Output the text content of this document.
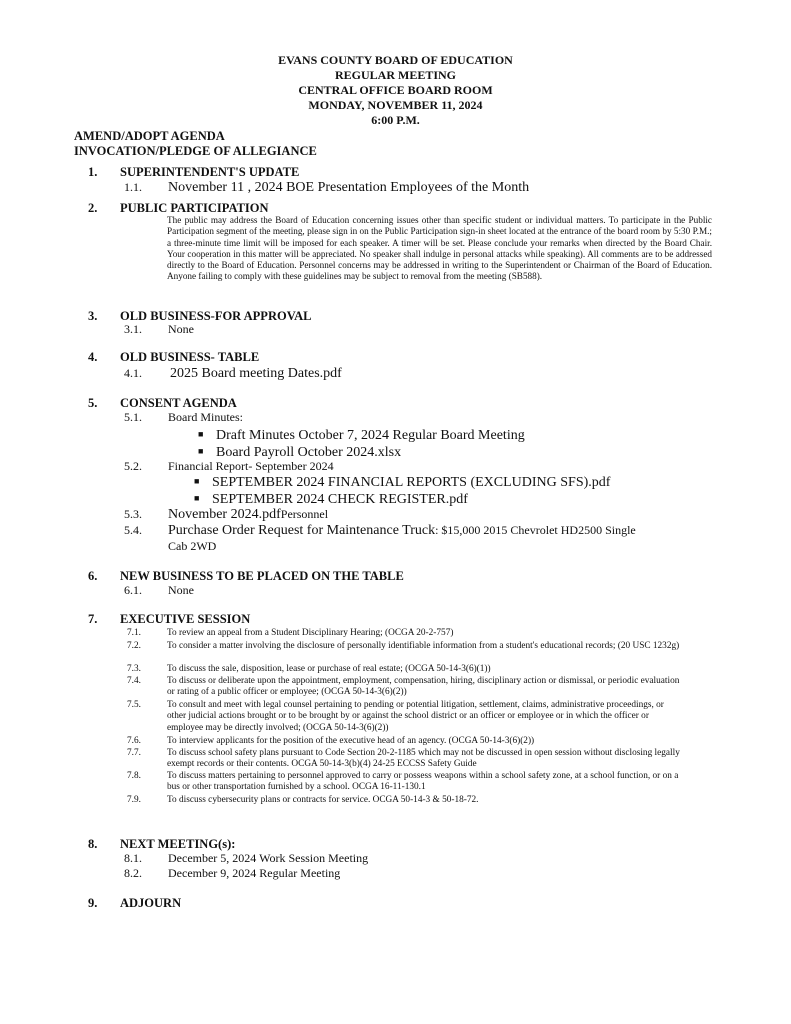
EVANS COUNTY BOARD OF EDUCATION
REGULAR MEETING
CENTRAL OFFICE BOARD ROOM
MONDAY, NOVEMBER 11, 2024
6:00 P.M.
AMEND/ADOPT AGENDA
INVOCATION/PLEDGE OF ALLEGIANCE
1. SUPERINTENDENT'S UPDATE
1.1. November 11 , 2024 BOE Presentation Employees of the Month
2. PUBLIC PARTICIPATION
The public may address the Board of Education concerning issues other than specific student or individual matters. To participate in the Public Participation segment of the meeting, please sign in on the Public Participation sign-in sheet located at the entrance of the board room by 5:30 P.M.; a three-minute time limit will be imposed for each speaker. A timer will be set. Please conclude your remarks when directed by the Board Chair. Your cooperation in this matter will be appreciated. No speaker shall indulge in personal attacks while speaking). All comments are to be addressed directly to the Board of Education. Personnel concerns may be addressed in writing to the Superintendent or Chairman of the Board of Education. Anyone failing to comply with these guidelines may be subject to removal from the meeting (SB588).
3. OLD BUSINESS-FOR APPROVAL
3.1. None
4. OLD BUSINESS- TABLE
4.1. 2025 Board meeting Dates.pdf
5. CONSENT AGENDA
5.1. Board Minutes:
■ Draft Minutes October 7, 2024 Regular Board Meeting
■ Board Payroll October 2024.xlsx
5.2. Financial Report- September 2024
■ SEPTEMBER 2024 FINANCIAL REPORTS (EXCLUDING SFS).pdf
■ SEPTEMBER 2024 CHECK REGISTER.pdf
5.3. November 2024.pdfPersonnel
5.4. Purchase Order Request for Maintenance Truck: $15,000 2015 Chevrolet HD2500 Single
Cab 2WD
6. NEW BUSINESS TO BE PLACED ON THE TABLE
6.1. None
7. EXECUTIVE SESSION
7.1.	To review an appeal from a Student Disciplinary Hearing; (OCGA 20-2-757)
7.2.	To consider a matter involving the disclosure of personally identifiable information from a student's educational records; (20 USC 1232g)
7.3.	To discuss the sale, disposition, lease or purchase of real estate; (OCGA 50-14-3(6)(1))
7.4.	To discuss or deliberate upon the appointment, employment, compensation, hiring, disciplinary action or dismissal, or periodic evaluation or rating of a public officer or employee; (OCGA 50-14-3(6)(2))
7.5.	To consult and meet with legal counsel pertaining to pending or potential litigation, settlement, claims, administrative proceedings, or other judicial actions brought or to be brought by or against the school district or an officer or employee or in which the officer or employee may be directly involved; (OCGA 50-14-3(6)(2))
7.6.	To interview applicants for the position of the executive head of an agency. (OCGA 50-14-3(6)(2))
7.7.	To discuss school safety plans pursuant to Code Section 20-2-1185 which may not be discussed in open session without disclosing legally exempt records or their contents. OCGA 50-14-3(b)(4) 24-25 ECCSS Safety Guide
7.8.	To discuss matters pertaining to personnel approved to carry or possess weapons within a school safety zone, at a school function, or on a bus or other transportation furnished by a school. OCGA 16-11-130.1
7.9.	To discuss cybersecurity plans or contracts for service. OCGA 50-14-3 & 50-18-72.
8. NEXT MEETING(s):
8.1. December 5, 2024 Work Session Meeting
8.2. December 9, 2024 Regular Meeting
9. ADJOURN
